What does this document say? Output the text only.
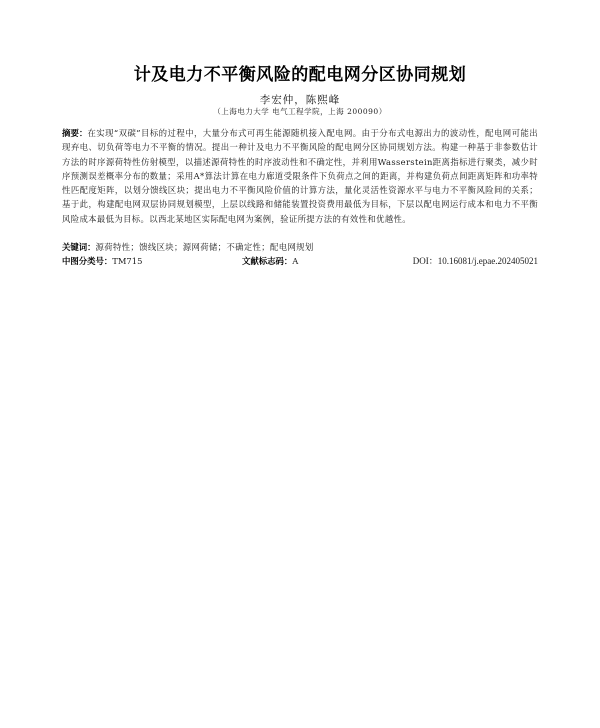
计及电力不平衡风险的配电网分区协同规划
李宏仲，陈熙峰
（上海电力大学 电气工程学院，上海 200090）
摘要：在实现“双碳”目标的过程中，大量分布式可再生能源随机接入配电网。由于分布式电源出力的波动性，配电网可能出现弃电、切负荷等电力不平衡的情况。提出一种计及电力不平衡风险的配电网分区协同规划方法。构建一种基于非参数估计方法的时序源荷特性仿射模型，以描述源荷特性的时序波动性和不确定性，并利用Wasserstein距离指标进行聚类，减少时序预测误差概率分布的数量；采用A*算法计算在电力廊道受限条件下负荷点之间的距离，并构建负荷点间距离矩阵和功率特性匹配度矩阵，以划分馈线区块；提出电力不平衡风险价值的计算方法，量化灵活性资源水平与电力不平衡风险间的关系；基于此，构建配电网双层协同规划模型，上层以线路和储能装置投资费用最低为目标，下层以配电网运行成本和电力不平衡风险成本最低为目标。以西北某地区实际配电网为案例，验证所提方法的有效性和优越性。
关键词：源荷特性；馈线区块；源网荷储；不确定性；配电网规划
中图分类号：TM715	文献标志码：A	DOI：10.16081/j.epae.202405021
